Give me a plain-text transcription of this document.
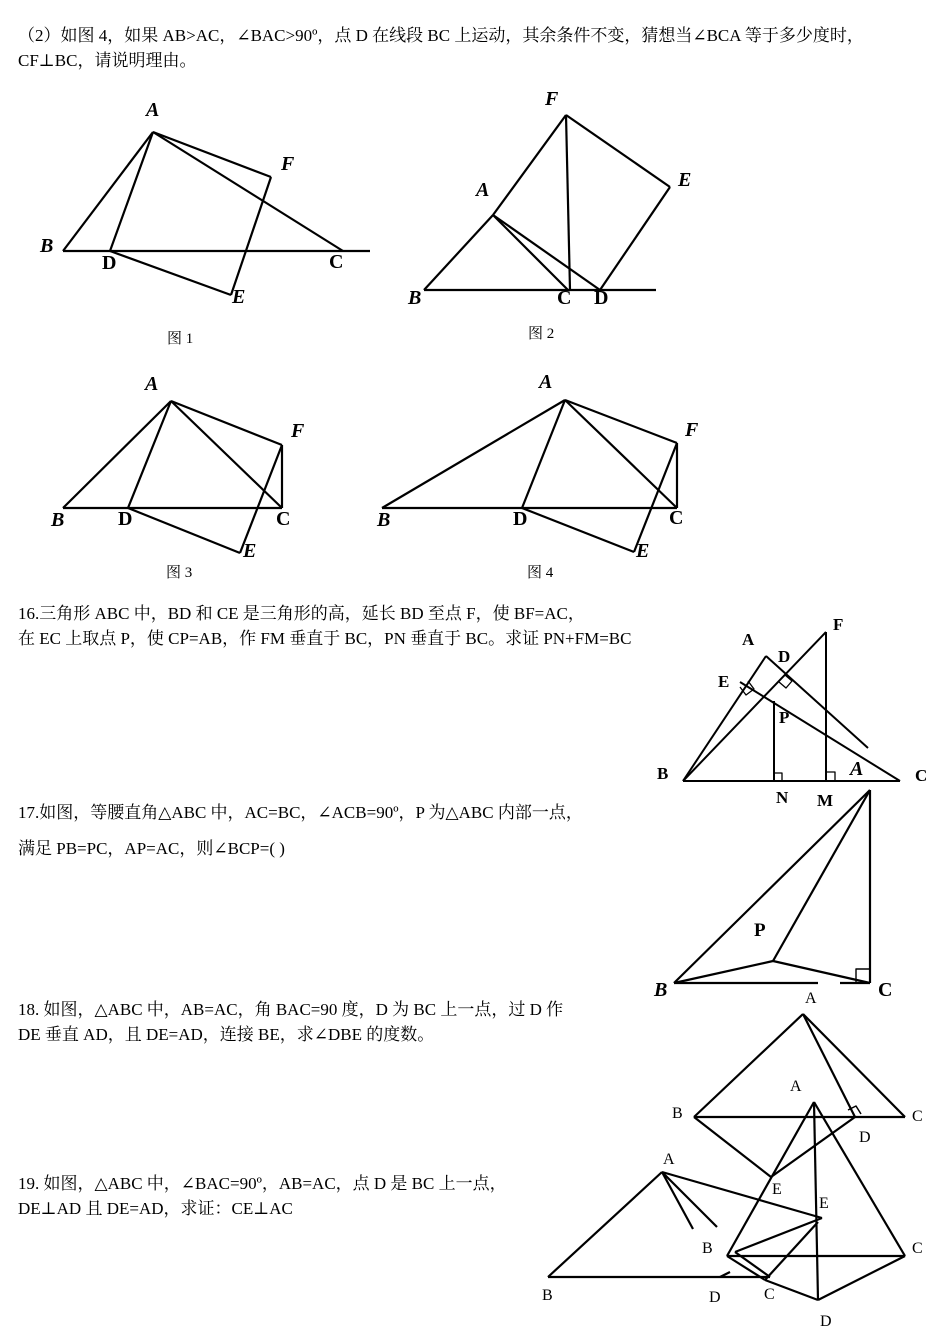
（2）如图 4，如果 AB>AC，∠BAC>90º，点 D 在线段 BC 上运动，其余条件不变，猜想当∠BCA 等于多少度时，
CF⊥BC，请说明理由。
图 1	图 2
图 3	图 4
16.三角形 ABC 中，BD 和 CE 是三角形的高，延长 BD 至点 F，使 BF=AC，
在 EC 上取点 P，使 CP=AB，作 FM 垂直于 BC，PN 垂直于 BC。求证 PN+FM=BC
17.如图，等腰直角△ABC 中，AC=BC，∠ACB=90º，P 为△ABC 内部一点，
满足 PB=PC，AP=AC，则∠BCP=( )
18. 如图，△ABC 中，AB=AC，角 BAC=90 度，D 为 BC 上一点，过 D 作
DE 垂直 AD，且 DE=AD，连接 BE，求∠DBE 的度数。
19. 如图，△ABC 中，∠BAC=90º，AB=AC，点 D 是 BC 上一点，
DE⊥AD 且 DE=AD，求证：CE⊥AC
A
F
B
D	C
E
F
E
A
B	C D
A
F
B	D	C
E
A
F
B	D	C
E
F
A
D
E
P
B
N M
A	C
P
B	C
A
B	C
D
E
A
E
B	C
D
A
B	C
D
